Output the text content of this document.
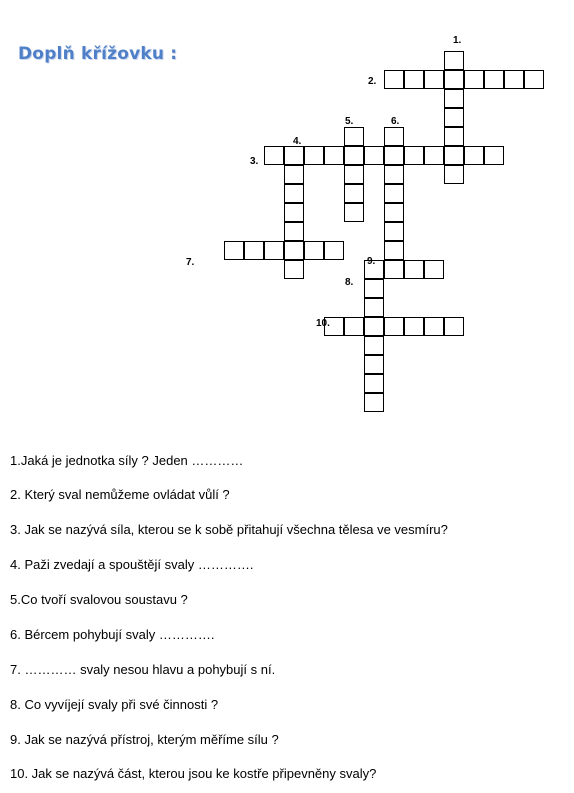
Doplň křížovku :
1.
2.
3.
4.
5.	6.
7.
8.
9.
10.
1.Jaká je jednotka síly ? Jeden …………
2. Který sval nemůžeme ovládat vůlí ?
3. Jak se nazývá síla, kterou se k sobě přitahují všechna tělesa ve vesmíru?
4. Paži zvedají a spouštějí svaly ………….
5.Co tvoří svalovou soustavu ?
6. Bércem pohybují svaly ………….
7. ………… svaly nesou hlavu a pohybují s ní.
8. Co vyvíjejí svaly při své činnosti ?
9. Jak se nazývá přístroj, kterým měříme sílu ?
10. Jak se nazývá část, kterou jsou ke kostře připevněny svaly?
